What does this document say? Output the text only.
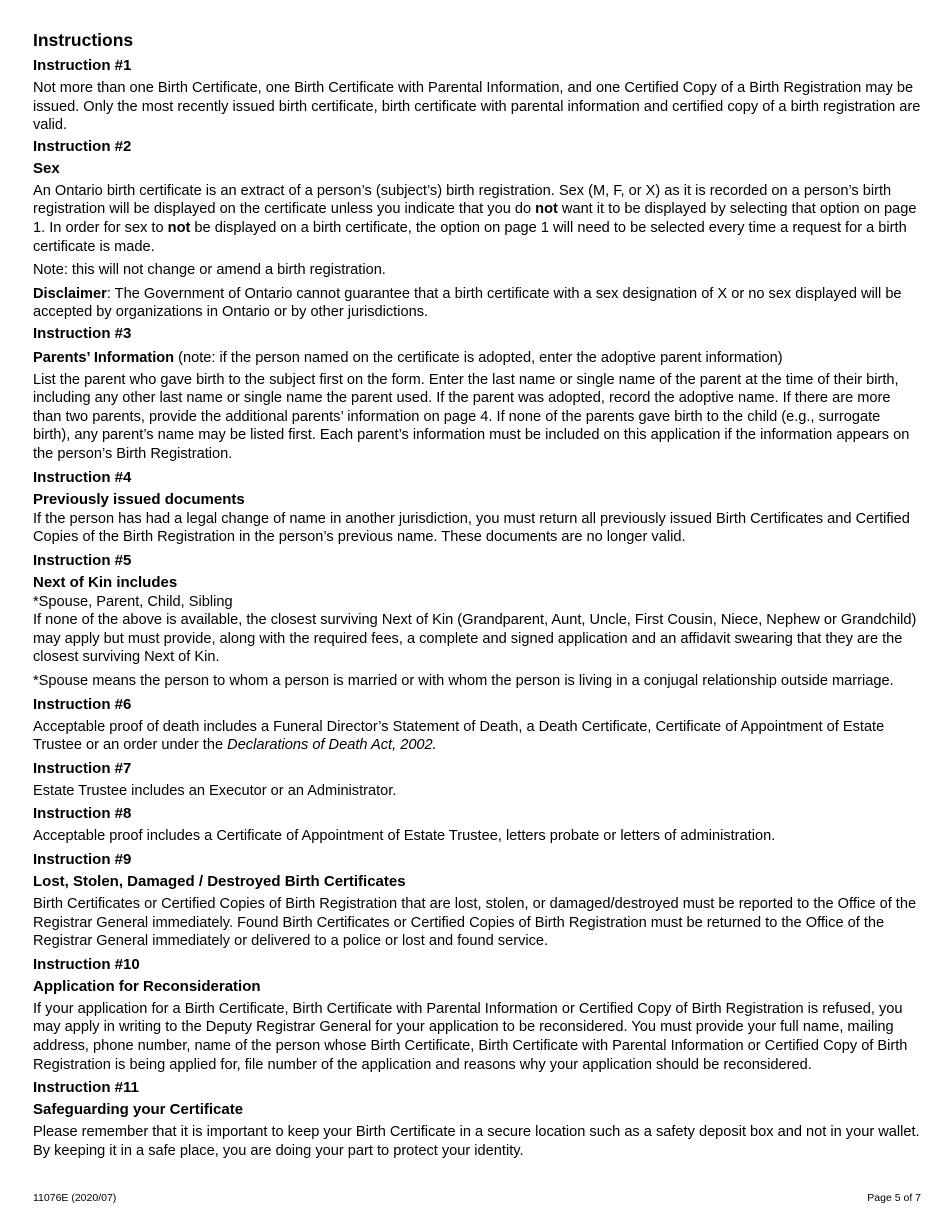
Instructions
Instruction #1

Not more than one Birth Certificate, one Birth Certificate with Parental Information, and one Certified Copy of a Birth Registration may be issued. Only the most recently issued birth certificate, birth certificate with parental information and certified copy of a birth registration are valid.

Instruction #2
Sex

An Ontario birth certificate is an extract of a person’s (subject’s) birth registration. Sex (M, F, or X) as it is recorded on a person’s birth registration will be displayed on the certificate unless you indicate that you do not want it to be displayed by selecting that option on page 1. In order for sex to not be displayed on a birth certificate, the option on page 1 will need to be selected every time a request for a birth certificate is made.

Note: this will not change or amend a birth registration.

Disclaimer: The Government of Ontario cannot guarantee that a birth certificate with a sex designation of X or no sex displayed will be accepted by organizations in Ontario or by other jurisdictions.

Instruction #3

Parents’ Information (note: if the person named on the certificate is adopted, enter the adoptive parent information)

List the parent who gave birth to the subject first on the form. Enter the last name or single name of the parent at the time of their birth, including any other last name or single name the parent used. If the parent was adopted, record the adoptive name. If there are more than two parents, provide the additional parents’ information on page 4. If none of the parents gave birth to the child (e.g., surrogate birth), any parent’s name may be listed first. Each parent’s information must be included on this application if the information appears on the person’s Birth Registration.

Instruction #4
Previously issued documents

If the person has had a legal change of name in another jurisdiction, you must return all previously issued Birth Certificates and Certified Copies of the Birth Registration in the person’s previous name. These documents are no longer valid.

Instruction #5
Next of Kin includes

*Spouse, Parent, Child, Sibling

If none of the above is available, the closest surviving Next of Kin (Grandparent, Aunt, Uncle, First Cousin, Niece, Nephew or Grandchild) may apply but must provide, along with the required fees, a complete and signed application and an affidavit swearing that they are the closest surviving Next of Kin.

*Spouse means the person to whom a person is married or with whom the person is living in a conjugal relationship outside marriage.

Instruction #6

Acceptable proof of death includes a Funeral Director’s Statement of Death, a Death Certificate, Certificate of Appointment of Estate Trustee or an order under the Declarations of Death Act, 2002.

Instruction #7

Estate Trustee includes an Executor or an Administrator.

Instruction #8

Acceptable proof includes a Certificate of Appointment of Estate Trustee, letters probate or letters of administration.

Instruction #9
Lost, Stolen, Damaged / Destroyed Birth Certificates

Birth Certificates or Certified Copies of Birth Registration that are lost, stolen, or damaged/destroyed must be reported to the Office of the Registrar General immediately. Found Birth Certificates or Certified Copies of Birth Registration must be returned to the Office of the Registrar General immediately or delivered to a police or lost and found service.

Instruction #10
Application for Reconsideration

If your application for a Birth Certificate, Birth Certificate with Parental Information or Certified Copy of Birth Registration is refused, you may apply in writing to the Deputy Registrar General for your application to be reconsidered. You must provide your full name, mailing address, phone number, name of the person whose Birth Certificate, Birth Certificate with Parental Information or Certified Copy of Birth Registration is being applied for, file number of the application and reasons why your application should be reconsidered.

Instruction #11
Safeguarding your Certificate

Please remember that it is important to keep your Birth Certificate in a secure location such as a safety deposit box and not in your wallet. By keeping it in a safe place, you are doing your part to protect your identity.

11076E (2020/07)	Page 5 of 7
